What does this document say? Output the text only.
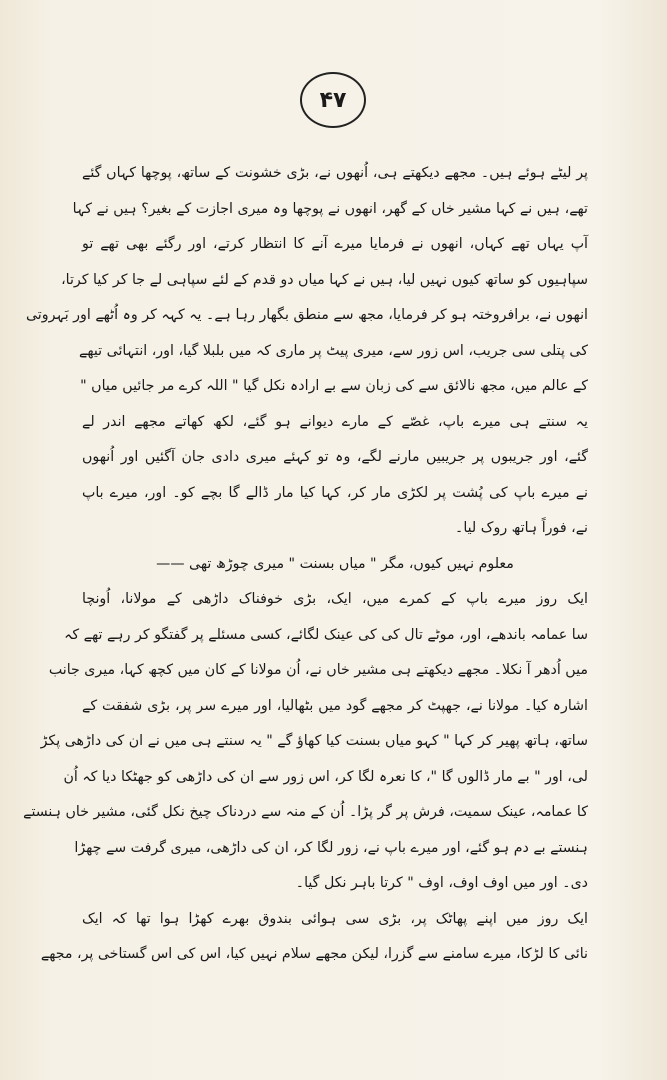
۴۷
پر لیٹے ہوئے ہیں۔ مجھے دیکھتے ہی، اُنھوں نے، بڑی خشونت کے ساتھ، پوچھا کہاں گئے
تھے، ہیں نے کہا مشیر خاں کے گھر، انھوں نے پوچھا وہ میری اجازت کے بغیر؟ ہیں نے کہا
آپ یہاں تھے کہاں، انھوں نے فرمایا میرے آنے کا انتظار کرتے، اور رگئے بھی تھے تو
سپاہیوں کو ساتھ کیوں نہیں لیا، ہیں نے کہا میاں دو قدم کے لئے سپاہی لے جا کر کیا کرتا،
انھوں نے، برافروختہ ہو کر فرمایا، مجھ سے منطق بگھار رہا ہے۔ یہ کہہ کر وہ اُٹھے اور بَہروتی
کی پتلی سی جریب، اس زور سے، میری پیٹ پر ماری کہ میں بلبلا گیا، اور، انتہائی تیھے
کے عالم میں، مجھ نالائق سے کی زبان سے بے ارادہ نکل گیا " اللہ کرے مر جائیں میاں "
یہ سنتے ہی میرے باپ، غصّے کے مارے دیوانے ہو گئے، لکھ کھاتے مجھے اندر لے
گئے، اور جریبوں پر جریبیں مارنے لگے، وہ تو کہئے میری دادی جان آگئیں اور اُنھوں
نے میرے باپ کی پُشت پر لکڑی مار کر، کہا کیا مار ڈالے گا بچے کو۔ اور، میرے باپ
نے، فوراً ہاتھ روک لیا۔
معلوم نہیں کیوں، مگر " میاں بسنت " میری چوڑھ تھی ——
ایک روز میرے باپ کے کمرے میں، ایک، بڑی خوفناک داڑھی کے مولانا، اُونچا
سا عمامہ باندھے، اور، موٹے تال کی کی عینک لگائے، کسی مسئلے پر گفتگو کر رہے تھے کہ
میں اُدھر آ نکلا۔ مجھے دیکھتے ہی مشیر خاں نے، اُن مولانا کے کان میں کچھ کہا، میری جانب
اشارہ کیا۔ مولانا نے، جھپٹ کر مجھے گود میں بٹھالیا، اور میرے سر پر، بڑی شفقت کے
ساتھ، ہاتھ پھیر کر کہا " کہو میاں بسنت کیا کھاؤ گے " یہ سنتے ہی میں نے ان کی داڑھی پکڑ
لی، اور " بے مار ڈالوں گا "، کا نعرہ لگا کر، اس زور سے ان کی داڑھی کو جھٹکا دیا کہ اُن
کا عمامہ، عینک سمیت، فرش پر گر پڑا۔ اُن کے منہ سے دردناک چیخ نکل گئی، مشیر خاں ہنستے
ہنستے بے دم ہو گئے، اور میرے باپ نے، زور لگا کر، ان کی داڑھی، میری گرفت سے چھڑا
دی۔ اور میں اوف اوف، اوف " کرتا باہر نکل گیا۔
ایک روز میں اپنے پھاٹک پر، بڑی سی ہوائی بندوق بھرے کھڑا ہوا تھا کہ ایک
نائی کا لڑکا، میرے سامنے سے گزرا، لیکن مجھے سلام نہیں کیا، اس کی اس گستاخی پر، مجھے
